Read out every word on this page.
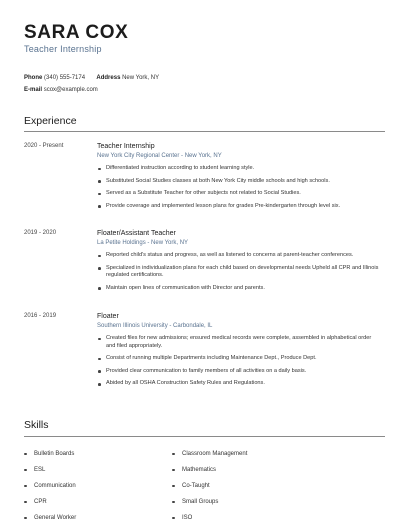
SARA COX
Teacher Internship
Phone (340) 555-7174 Address New York, NY
E-mail scox@example.com
Experience
2020 - Present	Teacher Internship
New York City Regional Center - New York, NY
Differentiated instruction according to student learning style.
Substituted Social Studies classes at both New York City middle schools and high schools.
Served as a Substitute Teacher for other subjects not related to Social Studies.
Provide coverage and implemented lesson plans for grades Pre-kindergarten through level six.
2019 - 2020	Floater/Assistant Teacher
La Petite Holdings - New York, NY
Reported child's status and progress, as well as listened to concerns at parent-teacher conferences.
Specialized in individualization plans for each child based on developmental needs Upheld all CPR and Illinois regulated certifications.
Maintain open lines of communication with Director and parents.
2016 - 2019	Floater
Southern Illinois University - Carbondale, IL
Created files for new admissions; ensured medical records were complete, assembled in alphabetical order and filed appropriately.
Consist of running multiple Departments including Maintenance Dept., Produce Dept.
Provided clear communication to family members of all activities on a daily basis.
Abided by all OSHA Construction Safety Rules and Regulations.
Skills
Bulletin Boards
ESL
Communication
CPR
General Worker
Classroom Management
Mathematics
Co-Taught
Small Groups
ISO
